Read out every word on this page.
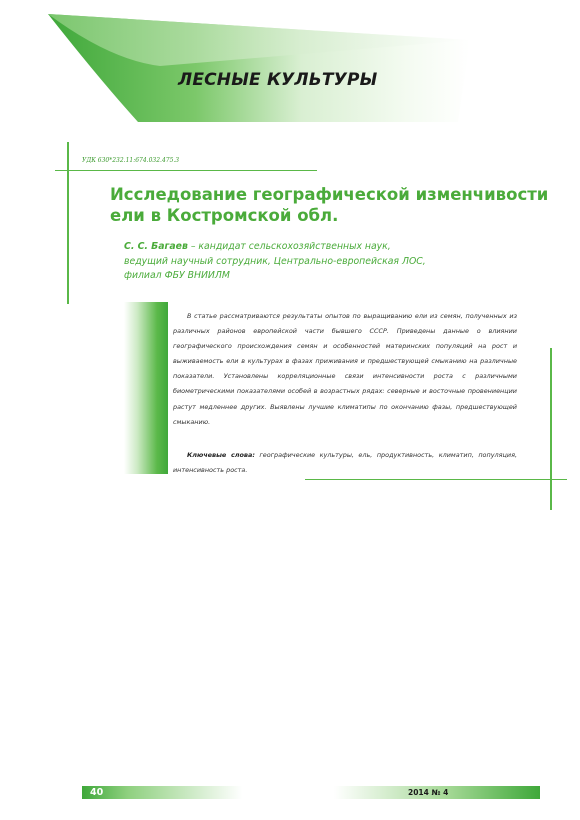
ЛЕСНЫЕ КУЛЬТУРЫ
УДК 630*232.11:674.032.475.3
Исследование географической изменчивости
ели в Костромской обл.
С. С. Багаев – кандидат сельскохозяйственных наук,
ведущий научный сотрудник, Центрально-европейская ЛОС,
филиал ФБУ ВНИИЛМ
В статье рассматриваются результаты опытов по выращиванию ели из семян, полученных из различных районов европейской части бывшего СССР. Приведены данные о влиянии географического происхождения семян и особенностей материнских популяций на рост и выживаемость ели в культурах в фазах приживания и предшествующей смыканию на различные показатели. Установлены корреляционные связи интенсивности роста с различными биометрическими показателями особей в возрастных рядах: северные и восточные провениенции растут медленнее других. Выявлены лучшие климатипы по окончанию фазы, предшествующей смыканию.
Ключевые слова: географические культуры, ель, продуктивность, климатип, популяция, интенсивность роста.
40	2014 № 4
